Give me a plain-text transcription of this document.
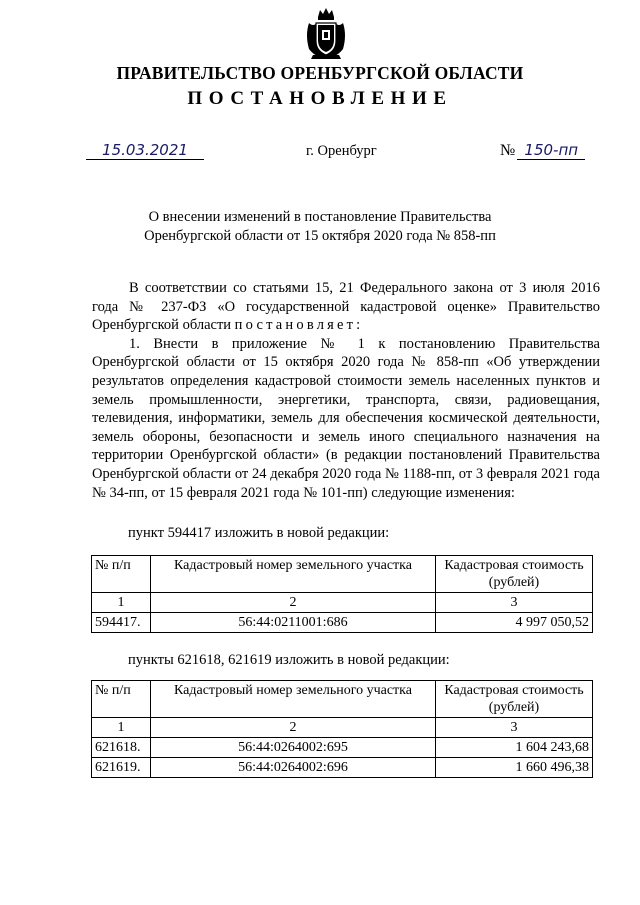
ПРАВИТЕЛЬСТВО ОРЕНБУРГСКОЙ ОБЛАСТИ
ПОСТАНОВЛЕНИЕ
15.03.2021	г. Оренбург	№ 150-пп
О внесении изменений в постановление Правительства
Оренбургской области от 15 октября 2020 года № 858-пп

В соответствии со статьями 15, 21 Федерального закона от 3 июля 2016 года № 237-ФЗ «О государственной кадастровой оценке» Правительство Оренбургской области постановляет:

1. Внести в приложение № 1 к постановлению Правительства Оренбургской области от 15 октября 2020 года № 858-пп «Об утверждении результатов определения кадастровой стоимости земель населенных пунктов и земель промышленности, энергетики, транспорта, связи, радиовещания, телевидения, информатики, земель для обеспечения космической деятельности, земель обороны, безопасности и земель иного специального назначения на территории Оренбургской области» (в редакции постановлений Правительства Оренбургской области от 24 декабря 2020 года № 1188-пп, от 3 февраля 2021 года № 34-пп, от 15 февраля 2021 года № 101-пп) следующие изменения:

пункт 594417 изложить в новой редакции:
№ п/п	Кадастровый номер земельного участка	Кадастровая стоимость (рублей)
1	2	3
594417.	56:44:0211001:686	4 997 050,52
пункты 621618, 621619 изложить в новой редакции:
№ п/п	Кадастровый номер земельного участка	Кадастровая стоимость (рублей)
1	2	3
621618.	56:44:0264002:695	1 604 243,68
621619.	56:44:0264002:696	1 660 496,38
